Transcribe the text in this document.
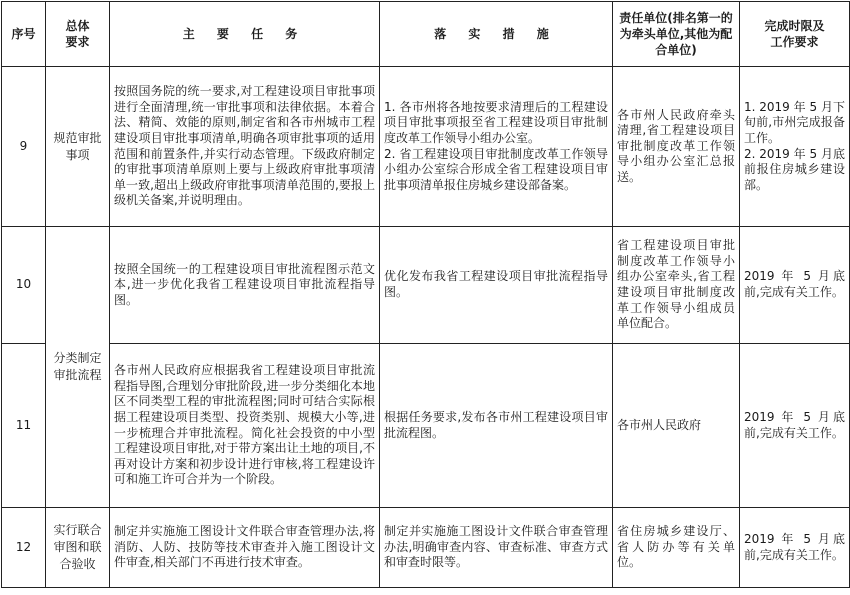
序号	总体
要求	主 要 任 务	落 实 措 施	责任单位(排名第一的为牵头单位,其他为配合单位)	完成时限及
工作要求
9	规范审批事项	按照国务院的统一要求,对工程建设项目审批事项进行全面清理,统一审批事项和法律依据。本着合法、精简、效能的原则,制定省和各市州城市工程建设项目审批事项清单,明确各项审批事项的适用范围和前置条件,并实行动态管理。下级政府制定的审批事项清单原则上要与上级政府审批事项清单一致,超出上级政府审批事项清单范围的,要报上级机关备案,并说明理由。	1. 各市州将各地按要求清理后的工程建设项目审批事项报至省工程建设项目审批制度改革工作领导小组办公室。
2. 省工程建设项目审批制度改革工作领导小组办公室综合形成全省工程建设项目审批事项清单报住房城乡建设部备案。	各市州人民政府牵头清理,省工程建设项目审批制度改革工作领导小组办公室汇总报送。	1. 2019 年 5 月下旬前,市州完成报备工作。
2. 2019 年 5 月底前报住房城乡建设部。

10	分类制定审批流程	按照全国统一的工程建设项目审批流程图示范文本,进一步优化我省工程建设项目审批流程指导图。	优化发布我省工程建设项目审批流程指导图。	省工程建设项目审批制度改革工作领导小组办公室牵头,省工程建设项目审批制度改革工作领导小组成员单位配合。	2019 年 5 月底前,完成有关工作。
11		各市州人民政府应根据我省工程建设项目审批流程指导图,合理划分审批阶段,进一步分类细化本地区不同类型工程的审批流程图;同时可结合实际根据工程建设项目类型、投资类别、规模大小等,进一步梳理合并审批流程。简化社会投资的中小型工程建设项目审批,对于带方案出让土地的项目,不再对设计方案和初步设计进行审核,将工程建设许可和施工许可合并为一个阶段。	根据任务要求,发布各市州工程建设项目审批流程图。	各市州人民政府	2019 年 5 月底前,完成有关工作。
12	实行联合审图和联合验收	制定并实施施工图设计文件联合审查管理办法,将消防、人防、技防等技术审查并入施工图设计文件审查,相关部门不再进行技术审查。	制定并实施施工图设计文件联合审查管理办法,明确审查内容、审查标准、审查方式和审查时限等。	省住房城乡建设厅、省人防办等有关单位。	2019 年 5 月底前,完成有关工作。
